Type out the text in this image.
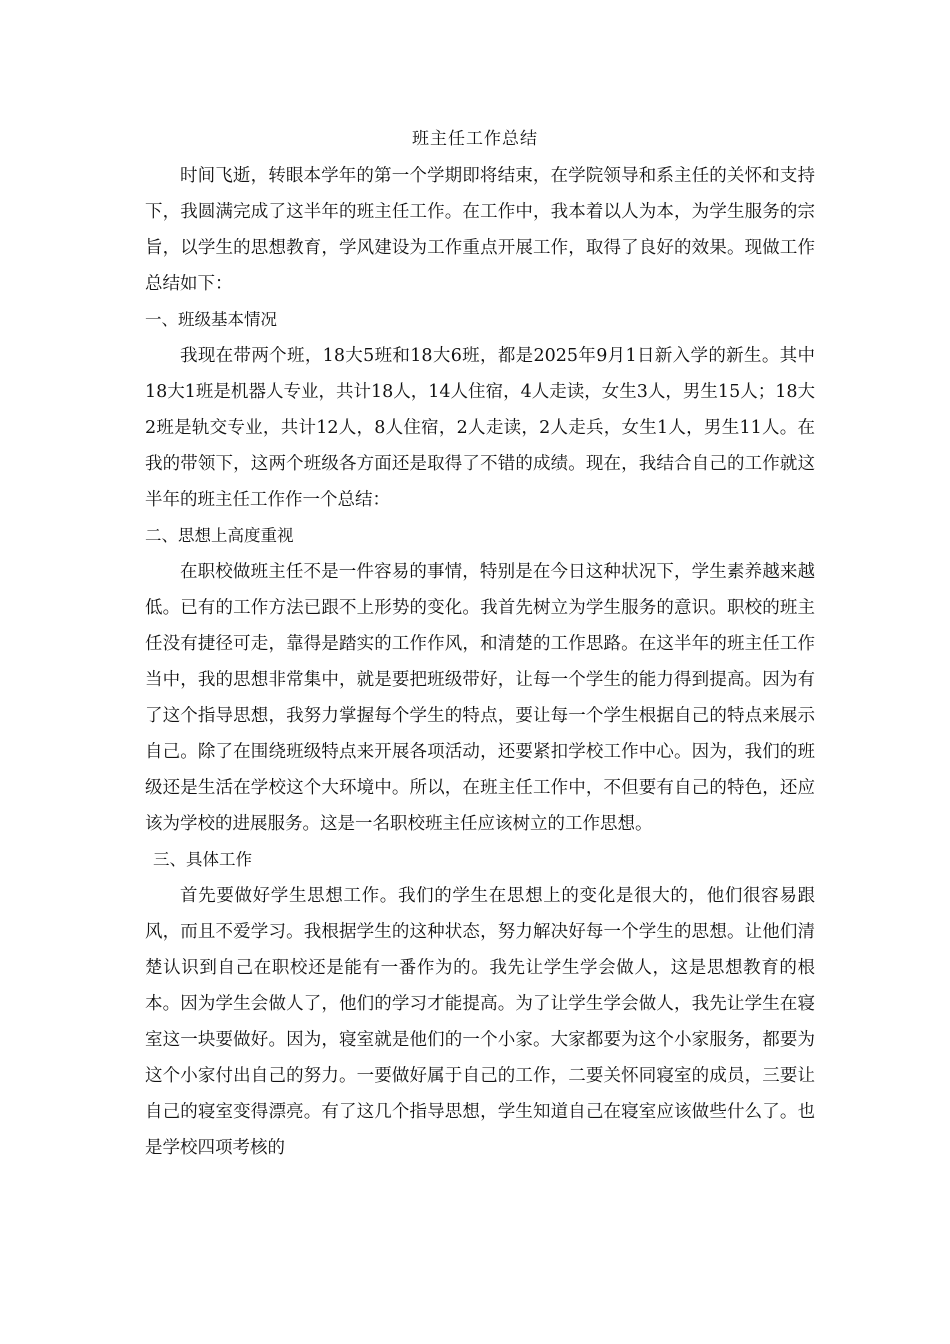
班主任工作总结

时间飞逝，转眼本学年的第一个学期即将结束，在学院领导和系主任的关怀和支持下，我圆满完成了这半年的班主任工作。在工作中，我本着以人为本，为学生服务的宗旨，以学生的思想教育，学风建设为工作重点开展工作，取得了良好的效果。现做工作总结如下：

一、班级基本情况

我现在带两个班，18大5班和18大6班，都是2025年9月1日新入学的新生。其中18大1班是机器人专业，共计18人，14人住宿，4人走读，女生3人，男生15人；18大2班是轨交专业，共计12人，8人住宿，2人走读，2人走兵，女生1人，男生11人。在我的带领下，这两个班级各方面还是取得了不错的成绩。现在，我结合自己的工作就这半年的班主任工作作一个总结：

二、思想上高度重视

在职校做班主任不是一件容易的事情，特别是在今日这种状况下，学生素养越来越低。已有的工作方法已跟不上形势的变化。我首先树立为学生服务的意识。职校的班主任没有捷径可走，靠得是踏实的工作作风，和清楚的工作思路。在这半年的班主任工作当中，我的思想非常集中，就是要把班级带好，让每一个学生的能力得到提高。因为有了这个指导思想，我努力掌握每个学生的特点，要让每一个学生根据自己的特点来展示自己。除了在围绕班级特点来开展各项活动，还要紧扣学校工作中心。因为，我们的班级还是生活在学校这个大环境中。所以，在班主任工作中，不但要有自己的特色，还应该为学校的进展服务。这是一名职校班主任应该树立的工作思想。

三、具体工作

首先要做好学生思想工作。我们的学生在思想上的变化是很大的，他们很容易跟风，而且不爱学习。我根据学生的这种状态，努力解决好每一个学生的思想。让他们清楚认识到自己在职校还是能有一番作为的。我先让学生学会做人，这是思想教育的根本。因为学生会做人了，他们的学习才能提高。为了让学生学会做人，我先让学生在寝室这一块要做好。因为，寝室就是他们的一个小家。大家都要为这个小家服务，都要为这个小家付出自己的努力。一要做好属于自己的工作，二要关怀同寝室的成员，三要让自己的寝室变得漂亮。有了这几个指导思想，学生知道自己在寝室应该做些什么了。也是学校四项考核的
